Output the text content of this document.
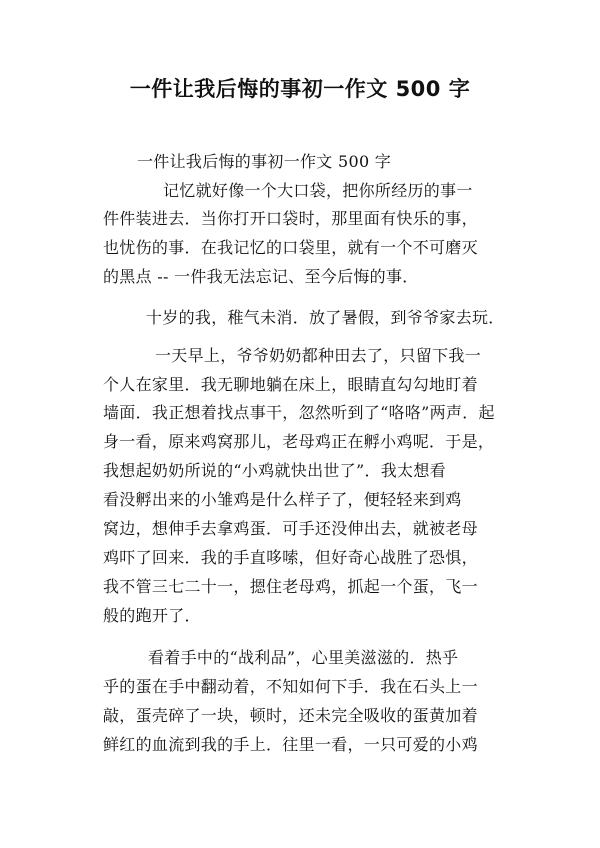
一件让我后悔的事初一作文 500 字
一件让我后悔的事初一作文 500 字
记忆就好像一个大口袋，把你所经历的事一
件件装进去．当你打开口袋时，那里面有快乐的事，
也忧伤的事．在我记忆的口袋里，就有一个不可磨灭
的黑点 -- 一件我无法忘记、至今后悔的事．
十岁的我，稚气未消．放了暑假，到爷爷家去玩．
一天早上，爷爷奶奶都种田去了，只留下我一
个人在家里．我无聊地躺在床上，眼睛直勾勾地盯着
墙面．我正想着找点事干，忽然听到了“咯咯”两声．起
身一看，原来鸡窝那儿，老母鸡正在孵小鸡呢．于是，
我想起奶奶所说的“小鸡就快出世了”．我太想看
看没孵出来的小雏鸡是什么样子了，便轻轻来到鸡
窝边，想伸手去拿鸡蛋．可手还没伸出去，就被老母
鸡吓了回来．我的手直哆嗦，但好奇心战胜了恐惧，
我不管三七二十一，摁住老母鸡，抓起一个蛋，飞一
般的跑开了．
看着手中的“战利品”，心里美滋滋的．热乎
乎的蛋在手中翻动着，不知如何下手．我在石头上一
敲，蛋壳碎了一块，顿时，还未完全吸收的蛋黄加着
鲜红的血流到我的手上．往里一看，一只可爱的小鸡
